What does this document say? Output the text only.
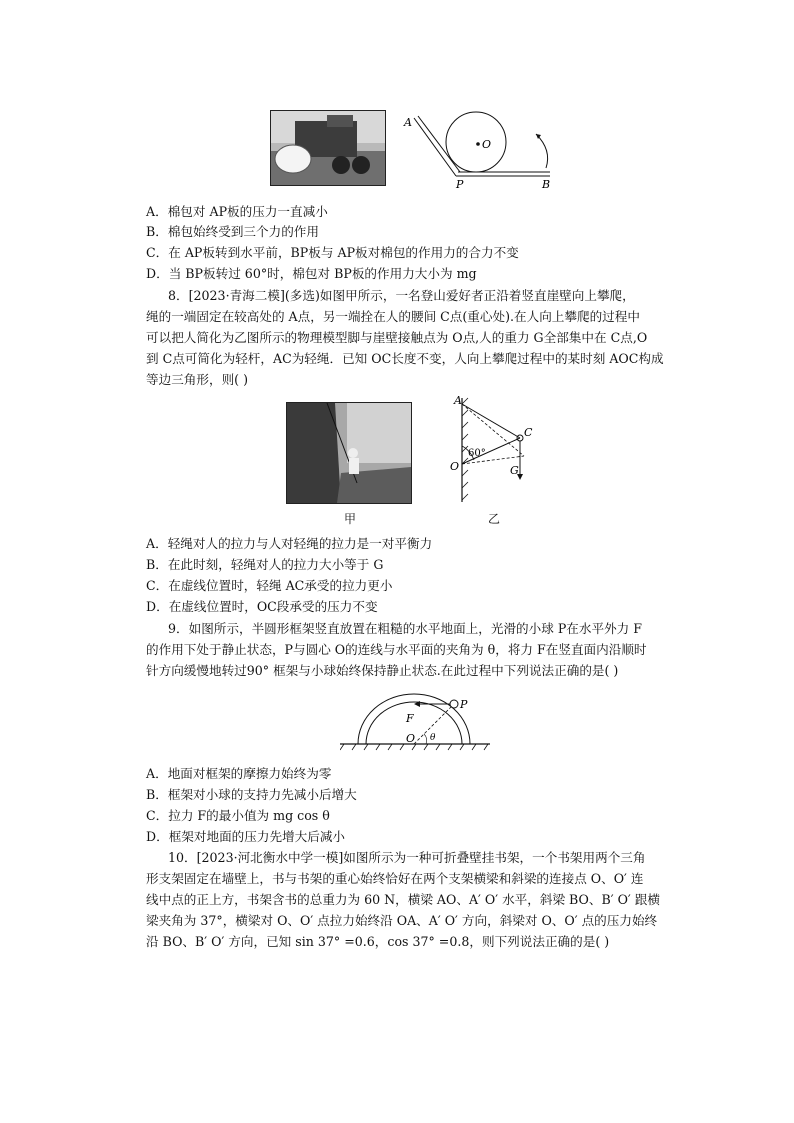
A
O
P	B
A．棉包对 AP板的压力一直减小
B．棉包始终受到三个力的作用
C．在 AP板转到水平前，BP板与 AP板对棉包的作用力的合力不变
D．当 BP板转过 60°时，棉包对 BP板的作用力大小为 mg
8．[2023·青海二模](多选)如图甲所示，一名登山爱好者正沿着竖直崖壁向上攀爬，
绳的一端固定在较高处的 A点，另一端拴在人的腰间 C点(重心处).在人向上攀爬的过程中
可以把人简化为乙图所示的物理模型脚与崖壁接触点为 O点,人的重力 G全部集中在 C点,O
到 C点可简化为轻杆，AC为轻绳．已知 OC长度不变，人向上攀爬过程中的某时刻 AOC构成
等边三角形，则( )
甲
A
C
O	G
60°
乙
A．轻绳对人的拉力与人对轻绳的拉力是一对平衡力
B．在此时刻，轻绳对人的拉力大小等于 G
C．在虚线位置时，轻绳 AC承受的拉力更小
D．在虚线位置时，OC段承受的压力不变
9．如图所示，半圆形框架竖直放置在粗糙的水平地面上，光滑的小球 P在水平外力 F
的作用下处于静止状态，P与圆心 O的连线与水平面的夹角为 θ，将力 F在竖直面内沿顺时
针方向缓慢地转过90° 框架与小球始终保持静止状态.在此过程中下列说法正确的是( )
F
P
O θ
A．地面对框架的摩擦力始终为零
B．框架对小球的支持力先减小后增大
C．拉力 F的最小值为 mg cos θ
D．框架对地面的压力先增大后减小
10．[2023·河北衡水中学一模]如图所示为一种可折叠壁挂书架，一个书架用两个三角
形支架固定在墙壁上，书与书架的重心始终恰好在两个支架横梁和斜梁的连接点 O、O′ 连
线中点的正上方，书架含书的总重力为 60 N，横梁 AO、A′ O′ 水平，斜梁 BO、B′ O′ 跟横
梁夹角为 37°，横梁对 O、O′ 点拉力始终沿 OA、A′ O′ 方向，斜梁对 O、O′ 点的压力始终
沿 BO、B′ O′ 方向，已知 sin 37° =0.6，cos 37° =0.8，则下列说法正确的是( )
